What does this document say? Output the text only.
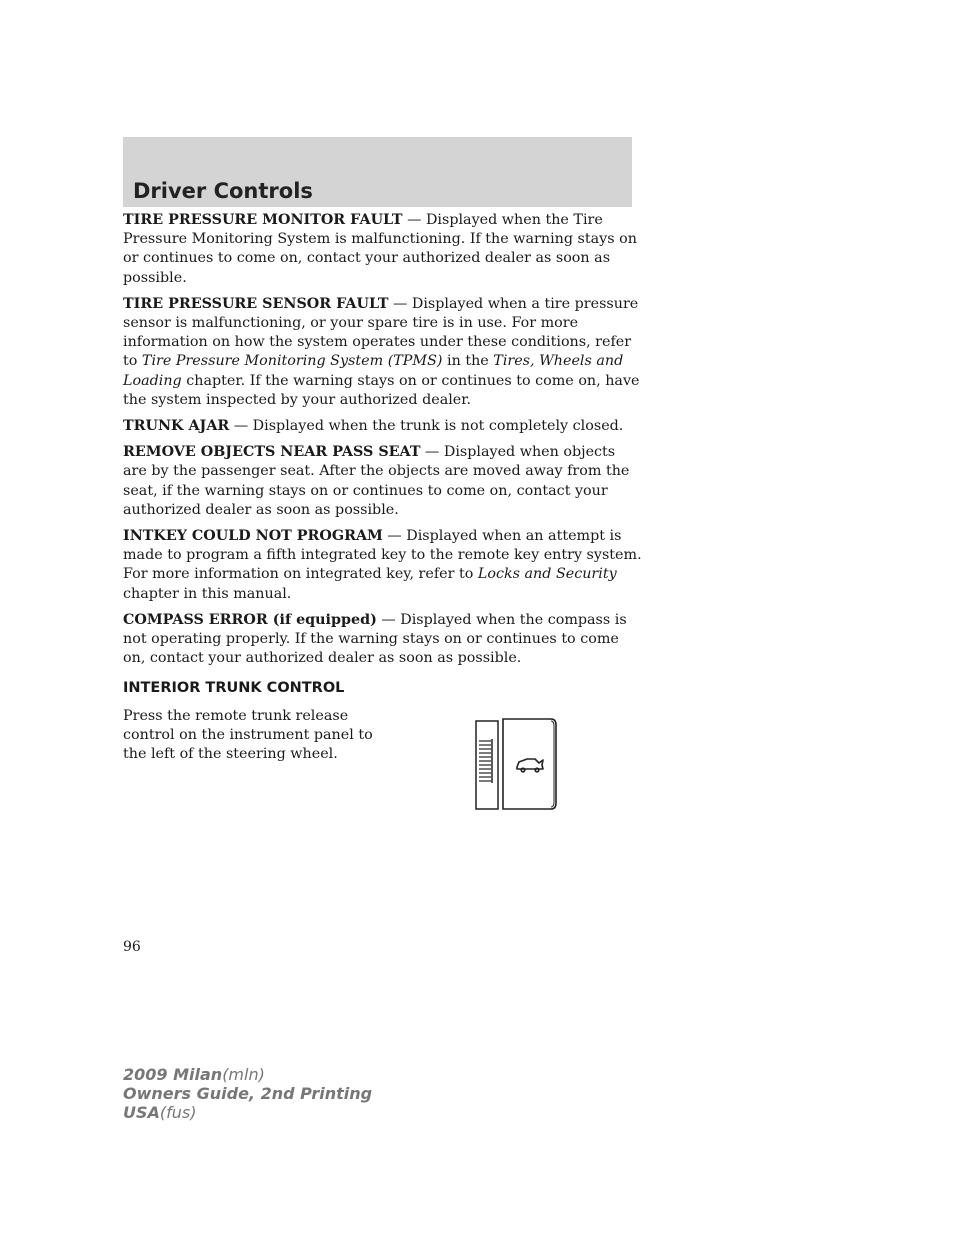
Driver Controls

TIRE PRESSURE MONITOR FAULT — Displayed when the Tire Pressure Monitoring System is malfunctioning. If the warning stays on or continues to come on, contact your authorized dealer as soon as possible.

TIRE PRESSURE SENSOR FAULT — Displayed when a tire pressure sensor is malfunctioning, or your spare tire is in use. For more information on how the system operates under these conditions, refer to Tire Pressure Monitoring System (TPMS) in the Tires, Wheels and Loading chapter. If the warning stays on or continues to come on, have the system inspected by your authorized dealer.

TRUNK AJAR — Displayed when the trunk is not completely closed.

REMOVE OBJECTS NEAR PASS SEAT — Displayed when objects are by the passenger seat. After the objects are moved away from the seat, if the warning stays on or continues to come on, contact your authorized dealer as soon as possible.

INTKEY COULD NOT PROGRAM — Displayed when an attempt is made to program a fifth integrated key to the remote key entry system. For more information on integrated key, refer to Locks and Security chapter in this manual.

COMPASS ERROR (if equipped) — Displayed when the compass is not operating properly. If the warning stays on or continues to come on, contact your authorized dealer as soon as possible.

INTERIOR TRUNK CONTROL
Press the remote trunk release control on the instrument panel to the left of the steering wheel.
96
2009 Milan(mln)
Owners Guide, 2nd Printing
USA(fus)
